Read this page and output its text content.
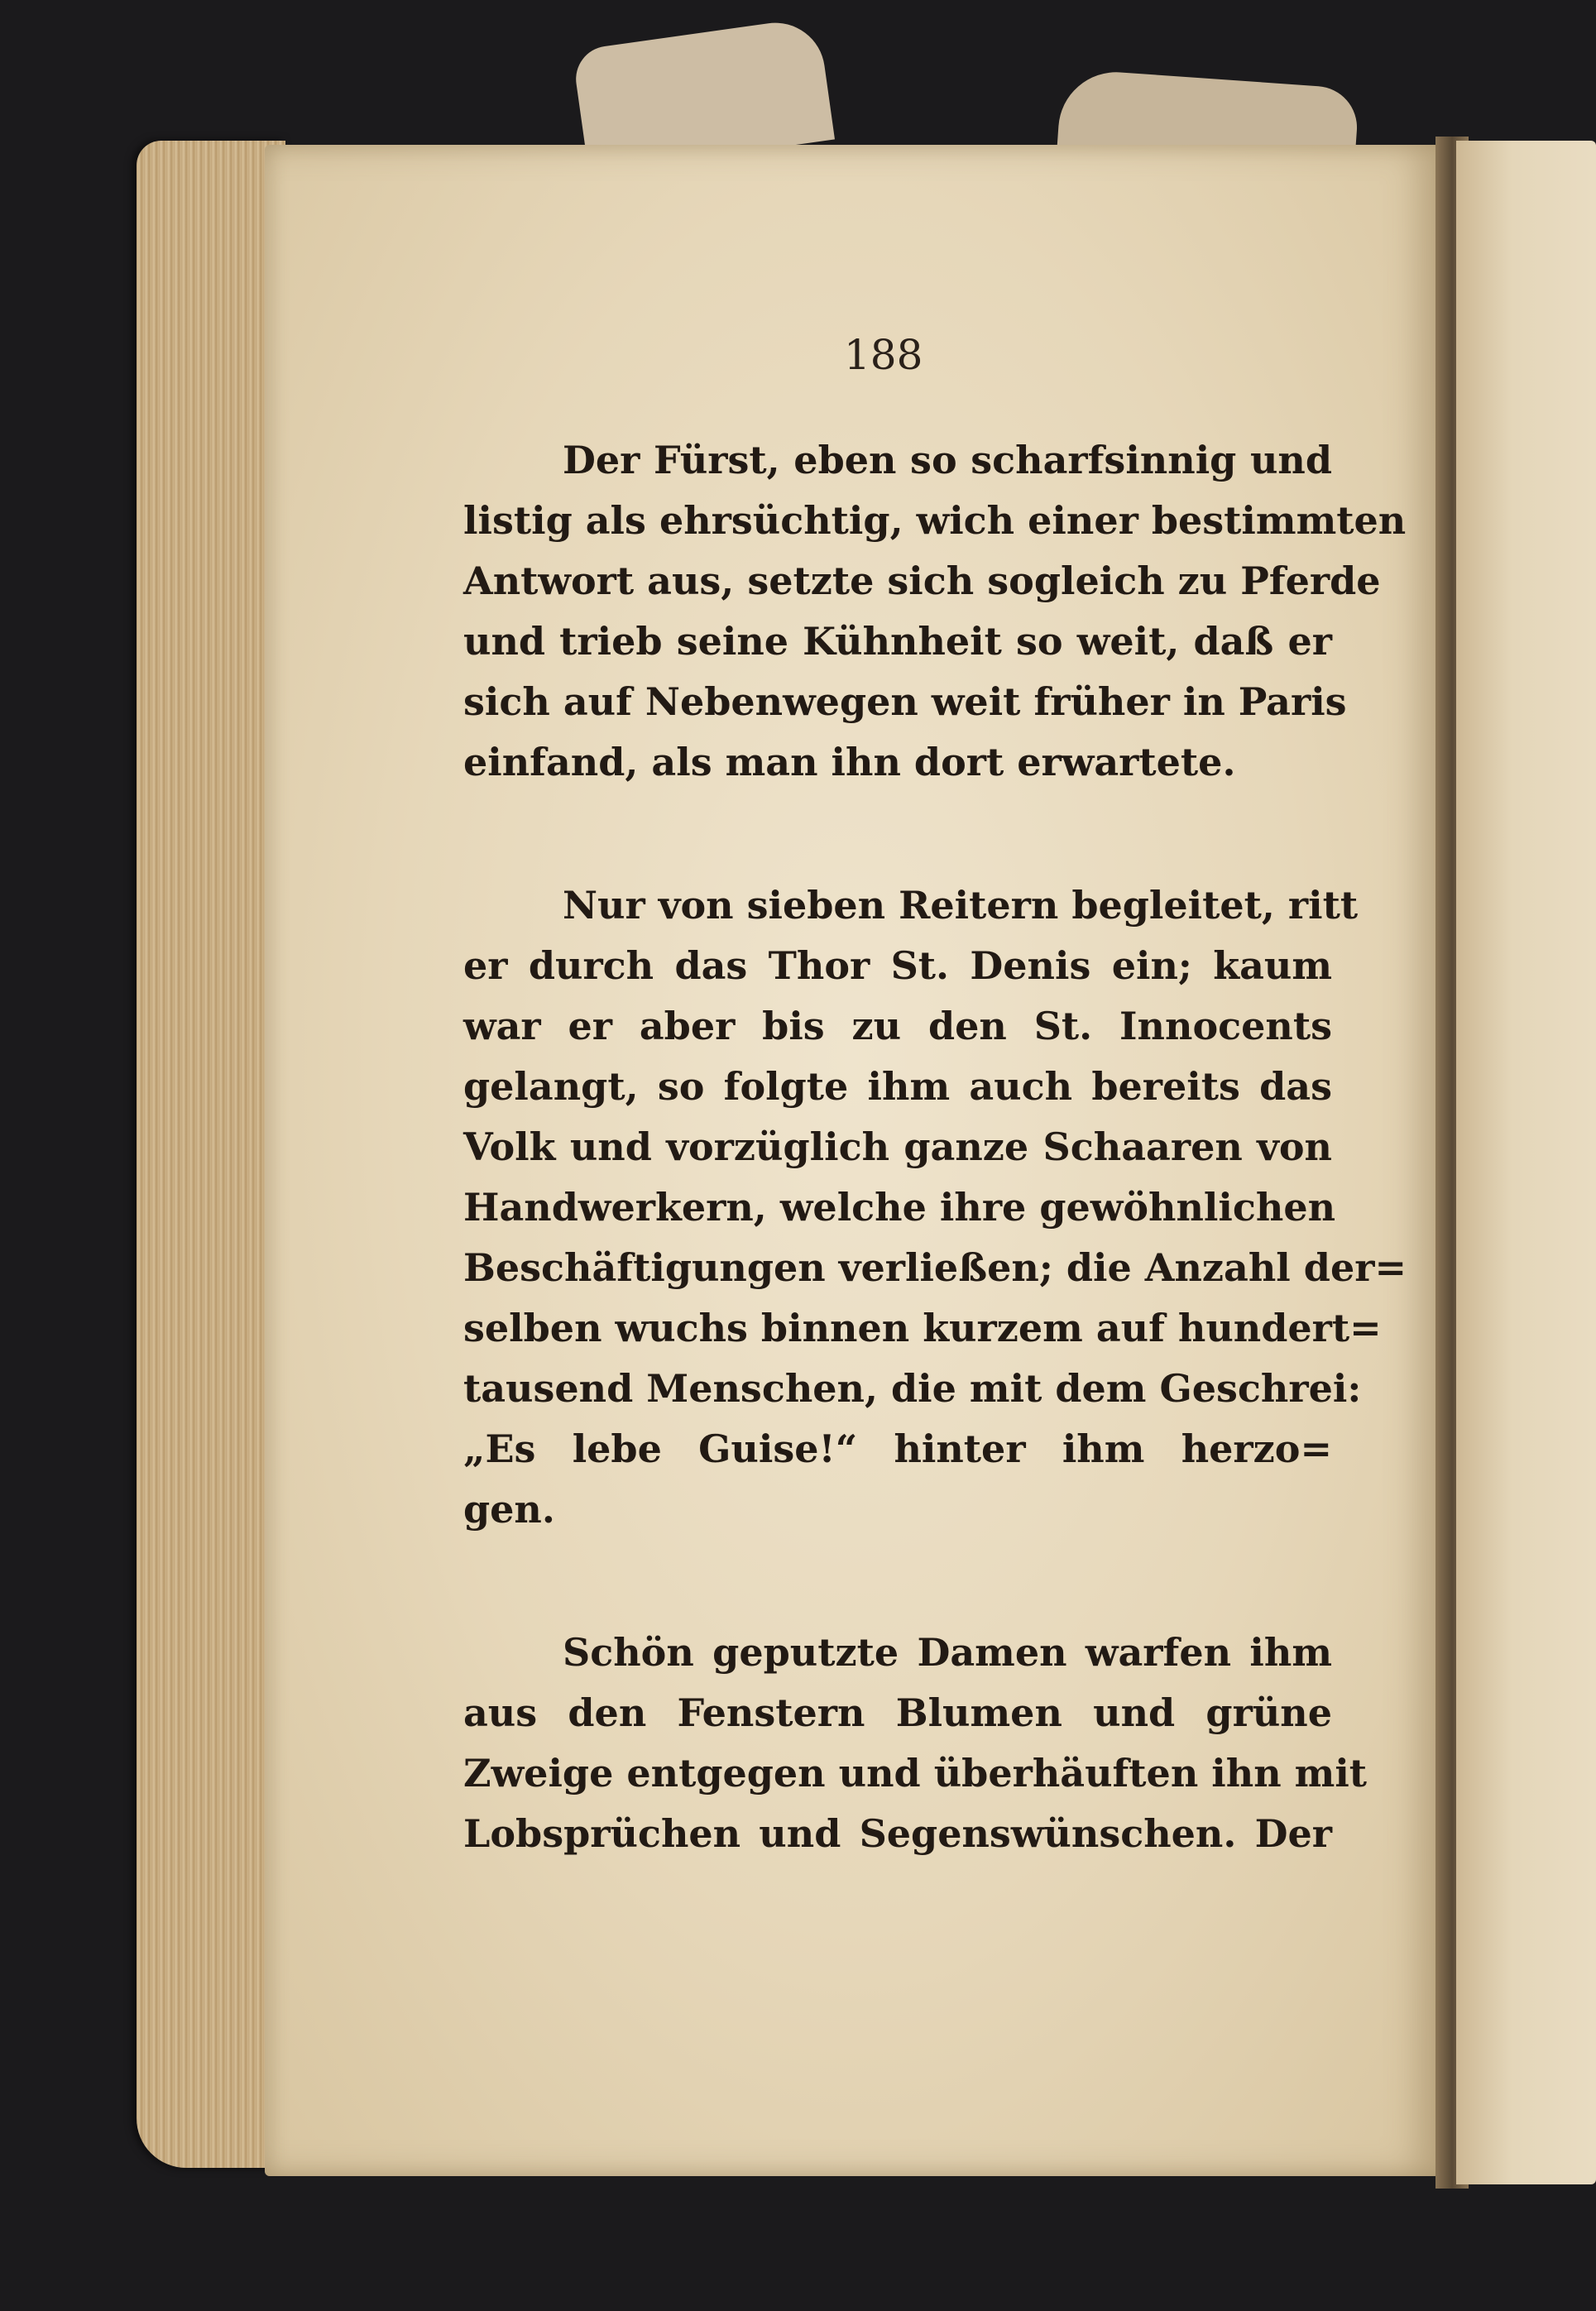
188

Der Fürst, eben so scharfsinnig und

listig als ehrsüchtig, wich einer bestimmten

Antwort aus, setzte sich sogleich zu Pferde

und trieb seine Kühnheit so weit, daß er

sich auf Nebenwegen weit früher in Paris

einfand, als man ihn dort erwartete.

Nur von sieben Reitern begleitet, ritt

er durch das Thor St. Denis ein; kaum

war er aber bis zu den St. Innocents

gelangt, so folgte ihm auch bereits das

Volk und vorzüglich ganze Schaaren von

Handwerkern, welche ihre gewöhnlichen

Beschäftigungen verließen; die Anzahl der=

selben wuchs binnen kurzem auf hundert=

tausend Menschen, die mit dem Geschrei:

„Es lebe Guise!“ hinter ihm herzo=

gen.

Schön geputzte Damen warfen ihm

aus den Fenstern Blumen und grüne

Zweige entgegen und überhäuften ihn mit

Lobsprüchen und Segenswünschen. Der
